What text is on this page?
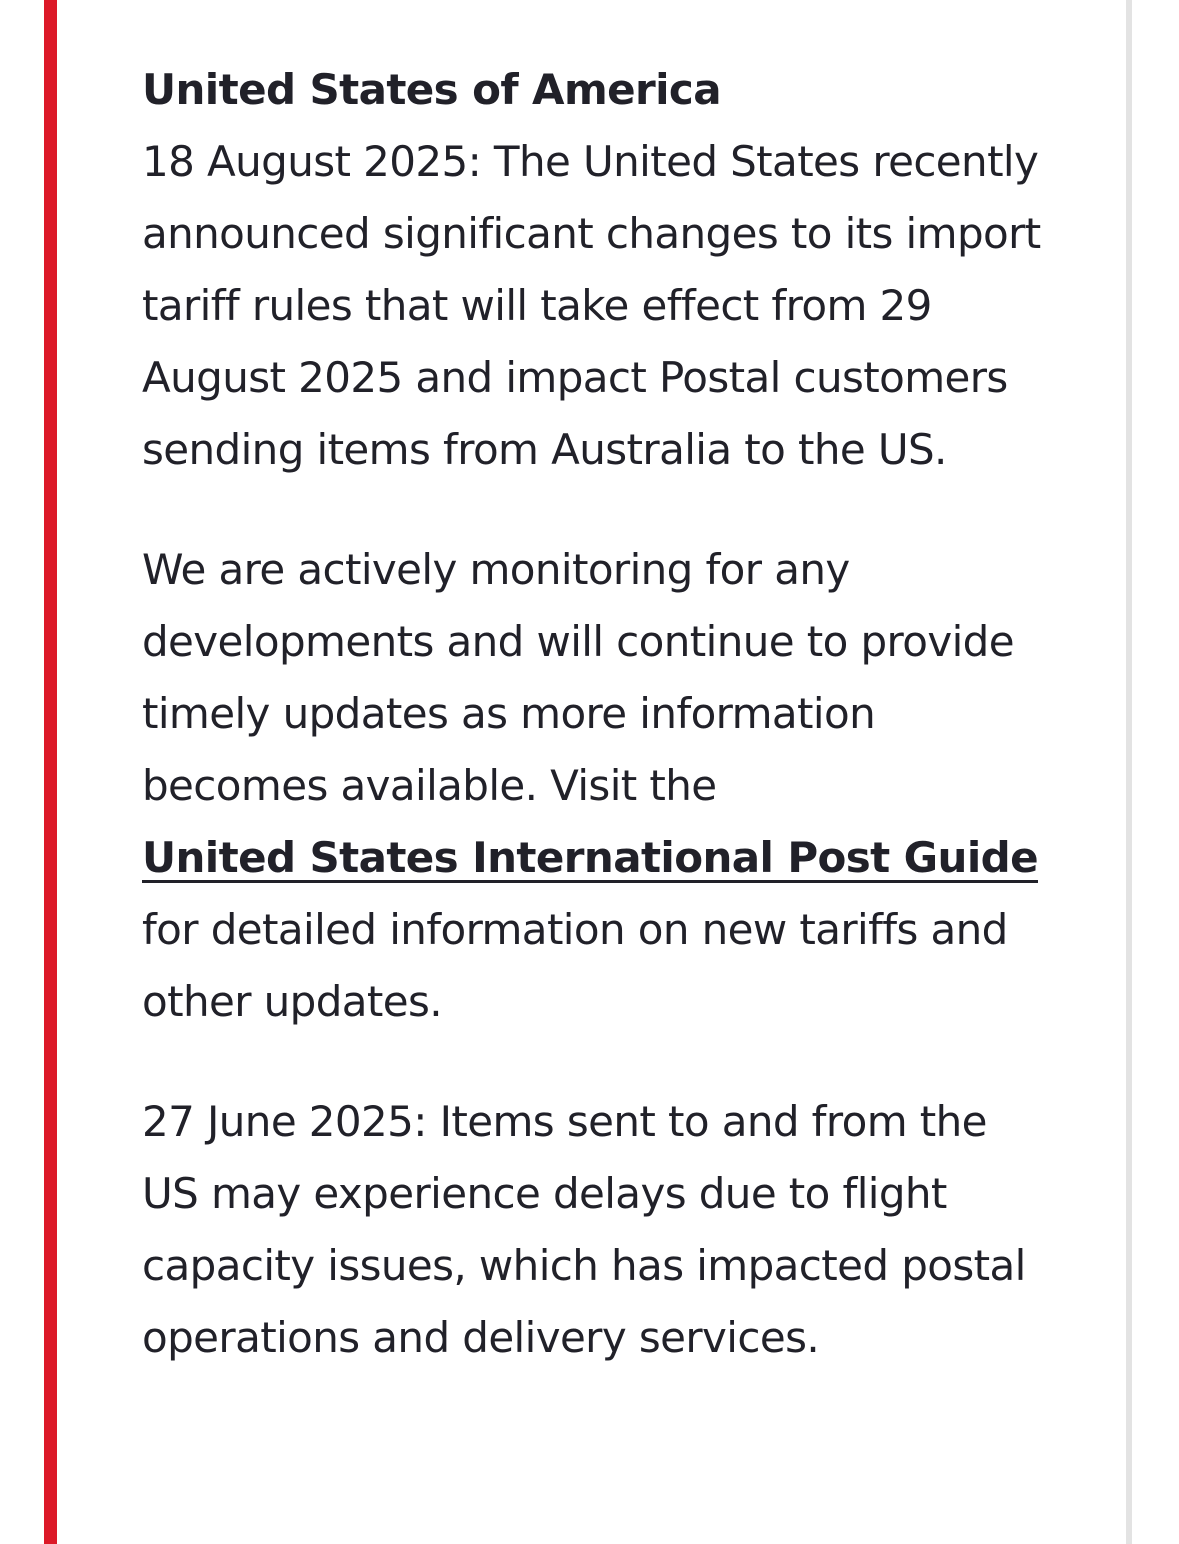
United States of America

18 August 2025: The United States recently announced significant changes to its import tariff rules that will take effect from 29 August 2025 and impact Postal customers sending items from Australia to the US.

We are actively monitoring for any developments and will continue to provide timely updates as more information becomes available. Visit the
United States International Post Guide
for detailed information on new tariffs and other updates.

27 June 2025: Items sent to and from the US may experience delays due to flight capacity issues, which has impacted postal operations and delivery services.
